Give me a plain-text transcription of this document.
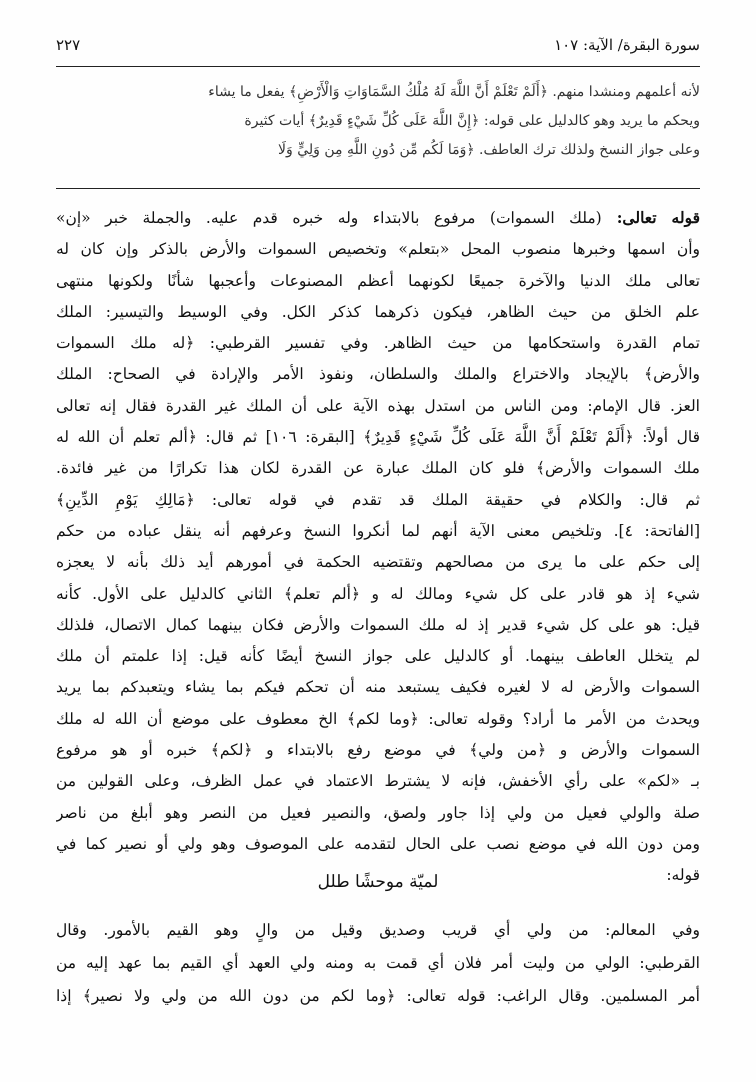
٢٢٧	سورة البقرة/ الآية: ١٠٧

لأنه أعلمهم ومنشدا منهم. ﴿أَلَمْ تَعْلَمْ أَنَّ اللَّهَ لَهُ مُلْكُ السَّمَاوَاتِ وَالْأَرْضِ﴾ يفعل ما يشاء

ويحكم ما يريد وهو كالدليل على قوله: ﴿إِنَّ اللَّهَ عَلَى كُلِّ شَيْءٍ قَدِيرٌ﴾ أيات كثيرة

وعلى جواز النسخ ولذلك ترك العاطف. ﴿وَمَا لَكُم مِّن دُونِ اللَّهِ مِن وَلِيٍّ وَلَا

قوله تعالى: (ملك السموات) مرفوع بالابتداء وله خبره قدم عليه. والجملة خبر «إن»

وأن اسمها وخبرها منصوب المحل «بتعلم» وتخصيص السموات والأرض بالذكر وإن كان له

تعالى ملك الدنيا والآخرة جميعًا لكونهما أعظم المصنوعات وأعجبها شأنًا ولكونها منتهى

علم الخلق من حيث الظاهر، فيكون ذكرهما كذكر الكل. وفي الوسيط والتيسير: الملك

تمام القدرة واستحكامها من حيث الظاهر. وفي تفسير القرطبي: ﴿له ملك السموات

والأرض﴾ بالإيجاد والاختراع والملك والسلطان، ونفوذ الأمر والإرادة في الصحاح: الملك

العز. قال الإمام: ومن الناس من استدل بهذه الآية على أن الملك غير القدرة فقال إنه تعالى

قال أولاً: ﴿أَلَمْ تَعْلَمْ أَنَّ اللَّهَ عَلَى كُلِّ شَيْءٍ قَدِيرٌ﴾ [البقرة: ١٠٦] ثم قال: ﴿ألم تعلم أن الله له

ملك السموات والأرض﴾ فلو كان الملك عبارة عن القدرة لكان هذا تكرارًا من غير فائدة.

ثم قال: والكلام في حقيقة الملك قد تقدم في قوله تعالى: ﴿مَالِكِ يَوْمِ الدِّينِ﴾

[الفاتحة: ٤]. وتلخيص معنى الآية أنهم لما أنكروا النسخ وعرفهم أنه ينقل عباده من حكم

إلى حكم على ما يرى من مصالحهم وتقتضيه الحكمة في أمورهم أيد ذلك بأنه لا يعجزه

شيء إذ هو قادر على كل شيء ومالك له و ﴿ألم تعلم﴾ الثاني كالدليل على الأول. كأنه

قيل: هو على كل شيء قدير إذ له ملك السموات والأرض فكان بينهما كمال الاتصال، فلذلك

لم يتخلل العاطف بينهما. أو كالدليل على جواز النسخ أيضًا كأنه قيل: إذا علمتم أن ملك

السموات والأرض له لا لغيره فكيف يستبعد منه أن تحكم فيكم بما يشاء ويتعبدكم بما يريد

ويحدث من الأمر ما أراد؟ وقوله تعالى: ﴿وما لكم﴾ الخ معطوف على موضع أن الله له ملك

السموات والأرض و ﴿من ولي﴾ في موضع رفع بالابتداء و ﴿لكم﴾ خبره أو هو مرفوع

بـ «لكم» على رأي الأخفش، فإنه لا يشترط الاعتماد في عمل الظرف، وعلى القولين من

صلة والولي فعيل من ولي إذا جاور ولصق، والنصير فعيل من النصر وهو أبلغ من ناصر

ومن دون الله في موضع نصب على الحال لتقدمه على الموصوف وهو ولي أو نصير كما في

قوله:

لميّة موحشًا طلل

وفي المعالم: من ولي أي قريب وصديق وقيل من والٍ وهو القيم بالأمور. وقال

القرطبي: الولي من وليت أمر فلان أي قمت به ومنه ولي العهد أي القيم بما عهد إليه من

أمر المسلمين. وقال الراغب: قوله تعالى: ﴿وما لكم من دون الله من ولي ولا نصير﴾ إذا
